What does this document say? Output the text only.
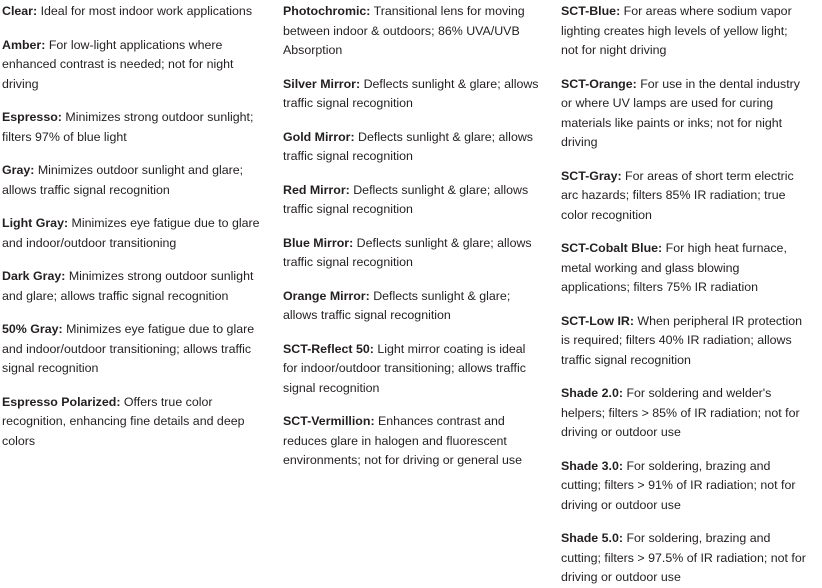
Clear: Ideal for most indoor work applications

Amber: For low-light applications where enhanced contrast is needed; not for night driving

Espresso: Minimizes strong outdoor sunlight; filters 97% of blue light

Gray: Minimizes outdoor sunlight and glare; allows traffic signal recognition

Light Gray: Minimizes eye fatigue due to glare and indoor/outdoor transitioning

Dark Gray: Minimizes strong outdoor sunlight and glare; allows traffic signal recognition

50% Gray: Minimizes eye fatigue due to glare and indoor/outdoor transitioning; allows traffic signal recognition

Espresso Polarized: Offers true color recognition, enhancing fine details and deep colors

Photochromic: Transitional lens for moving between indoor & outdoors; 86% UVA/UVB Absorption

Silver Mirror: Deflects sunlight & glare; allows traffic signal recognition

Gold Mirror: Deflects sunlight & glare; allows traffic signal recognition

Red Mirror: Deflects sunlight & glare; allows traffic signal recognition

Blue Mirror: Deflects sunlight & glare; allows traffic signal recognition

Orange Mirror: Deflects sunlight & glare; allows traffic signal recognition

SCT-Reflect 50: Light mirror coating is ideal for indoor/outdoor transitioning; allows traffic signal recognition

SCT-Vermillion: Enhances contrast and reduces glare in halogen and fluorescent environments; not for driving or general use

SCT-Blue: For areas where sodium vapor lighting creates high levels of yellow light; not for night driving

SCT-Orange: For use in the dental industry or where UV lamps are used for curing materials like paints or inks; not for night driving

SCT-Gray: For areas of short term electric arc hazards; filters 85% IR radiation; true color recognition

SCT-Cobalt Blue: For high heat furnace, metal working and glass blowing applications; filters 75% IR radiation

SCT-Low IR: When peripheral IR protection is required; filters 40% IR radiation; allows traffic signal recognition

Shade 2.0: For soldering and welder's helpers; filters > 85% of IR radiation; not for driving or outdoor use

Shade 3.0: For soldering, brazing and cutting; filters > 91% of IR radiation; not for driving or outdoor use

Shade 5.0: For soldering, brazing and cutting; filters > 97.5% of IR radiation; not for driving or outdoor use
